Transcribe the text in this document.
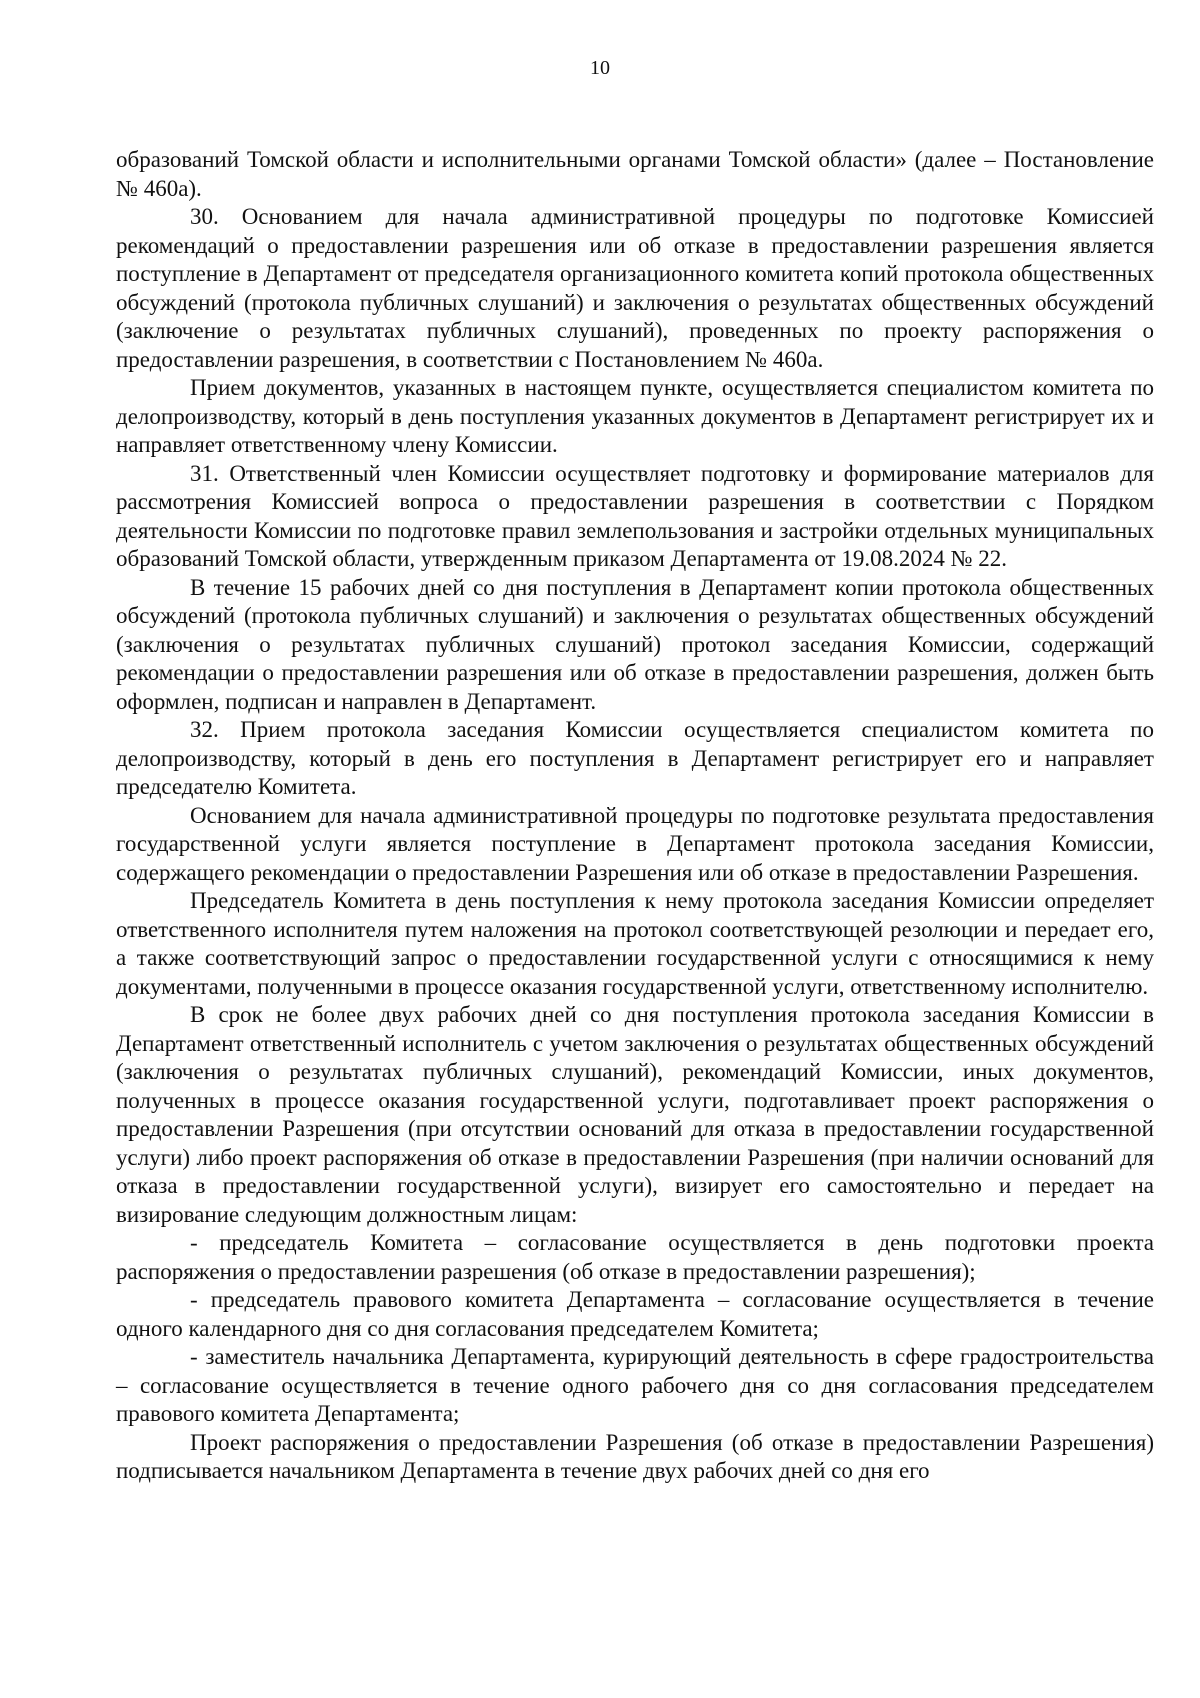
10

образований Томской области и исполнительными органами Томской области» (далее – Постановление № 460а).

30. Основанием для начала административной процедуры по подготовке Комиссией рекомендаций о предоставлении разрешения или об отказе в предоставлении разрешения является поступление в Департамент от председателя организационного комитета копий протокола общественных обсуждений (протокола публичных слушаний) и заключения о результатах общественных обсуждений (заключение о результатах публичных слушаний), проведенных по проекту распоряжения о предоставлении разрешения, в соответствии с Постановлением № 460а.

Прием документов, указанных в настоящем пункте, осуществляется специалистом комитета по делопроизводству, который в день поступления указанных документов в Департамент регистрирует их и направляет ответственному члену Комиссии.

31. Ответственный член Комиссии осуществляет подготовку и формирование материалов для рассмотрения Комиссией вопроса о предоставлении разрешения в соответствии с Порядком деятельности Комиссии по подготовке правил землепользования и застройки отдельных муниципальных образований Томской области, утвержденным приказом Департамента от 19.08.2024 № 22.

В течение 15 рабочих дней со дня поступления в Департамент копии протокола общественных обсуждений (протокола публичных слушаний) и заключения о результатах общественных обсуждений (заключения о результатах публичных слушаний) протокол заседания Комиссии, содержащий рекомендации о предоставлении разрешения или об отказе в предоставлении разрешения, должен быть оформлен, подписан и направлен в Департамент.

32. Прием протокола заседания Комиссии осуществляется специалистом комитета по делопроизводству, который в день его поступления в Департамент регистрирует его и направляет председателю Комитета.

Основанием для начала административной процедуры по подготовке результата предоставления государственной услуги является поступление в Департамент протокола заседания Комиссии, содержащего рекомендации о предоставлении Разрешения или об отказе в предоставлении Разрешения.

Председатель Комитета в день поступления к нему протокола заседания Комиссии определяет ответственного исполнителя путем наложения на протокол соответствующей резолюции и передает его, а также соответствующий запрос о предоставлении государственной услуги с относящимися к нему документами, полученными в процессе оказания государственной услуги, ответственному исполнителю.

В срок не более двух рабочих дней со дня поступления протокола заседания Комиссии в Департамент ответственный исполнитель с учетом заключения о результатах общественных обсуждений (заключения о результатах публичных слушаний), рекомендаций Комиссии, иных документов, полученных в процессе оказания государственной услуги, подготавливает проект распоряжения о предоставлении Разрешения (при отсутствии оснований для отказа в предоставлении государственной услуги) либо проект распоряжения об отказе в предоставлении Разрешения (при наличии оснований для отказа в предоставлении государственной услуги), визирует его самостоятельно и передает на визирование следующим должностным лицам:

- председатель Комитета – согласование осуществляется в день подготовки проекта распоряжения о предоставлении разрешения (об отказе в предоставлении разрешения);

- председатель правового комитета Департамента – согласование осуществляется в течение одного календарного дня со дня согласования председателем Комитета;

- заместитель начальника Департамента, курирующий деятельность в сфере градостроительства – согласование осуществляется в течение одного рабочего дня со дня согласования председателем правового комитета Департамента;

Проект распоряжения о предоставлении Разрешения (об отказе в предоставлении Разрешения) подписывается начальником Департамента в течение двух рабочих дней со дня его
